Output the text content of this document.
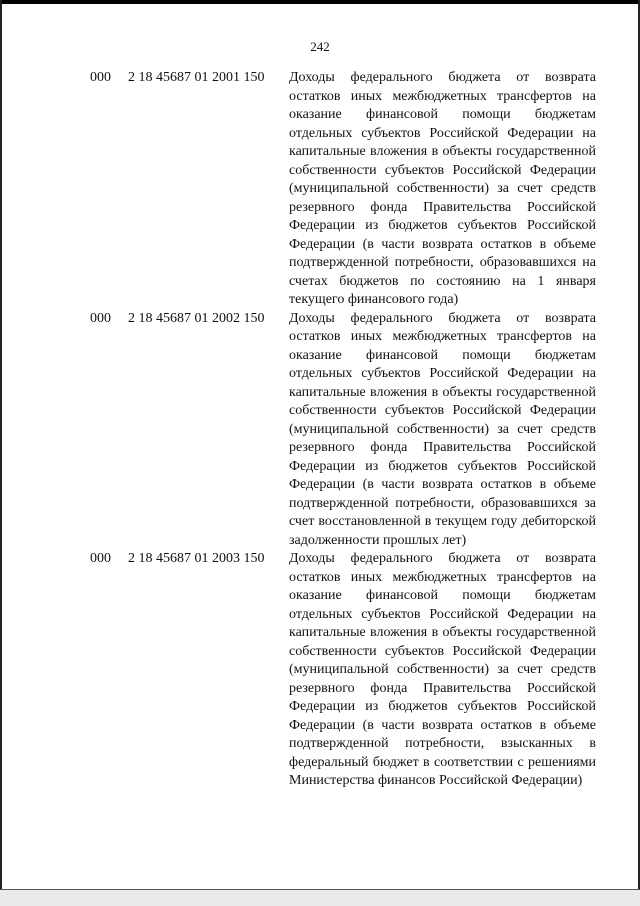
242
000 2 18 45687 01 2001 150 Доходы федерального бюджета от возврата остатков иных межбюджетных трансфертов на оказание финансовой помощи бюджетам отдельных субъектов Российской Федерации на капитальные вложения в объекты государственной собственности субъектов Российской Федерации (муниципальной собственности) за счет средств резервного фонда Правительства Российской Федерации из бюджетов субъектов Российской Федерации (в части возврата остатков в объеме подтвержденной потребности, образовавшихся на счетах бюджетов по состоянию на 1 января текущего финансового года)
000 2 18 45687 01 2002 150 Доходы федерального бюджета от возврата остатков иных межбюджетных трансфертов на оказание финансовой помощи бюджетам отдельных субъектов Российской Федерации на капитальные вложения в объекты государственной собственности субъектов Российской Федерации (муниципальной собственности) за счет средств резервного фонда Правительства Российской Федерации из бюджетов субъектов Российской Федерации (в части возврата остатков в объеме подтвержденной потребности, образовавшихся за счет восстановленной в текущем году дебиторской задолженности прошлых лет)
000 2 18 45687 01 2003 150 Доходы федерального бюджета от возврата остатков иных межбюджетных трансфертов на оказание финансовой помощи бюджетам отдельных субъектов Российской Федерации на капитальные вложения в объекты государственной собственности субъектов Российской Федерации (муниципальной собственности) за счет средств резервного фонда Правительства Российской Федерации из бюджетов субъектов Российской Федерации (в части возврата остатков в объеме подтвержденной потребности, взысканных в федеральный бюджет в соответствии с решениями Министерства финансов Российской Федерации)
